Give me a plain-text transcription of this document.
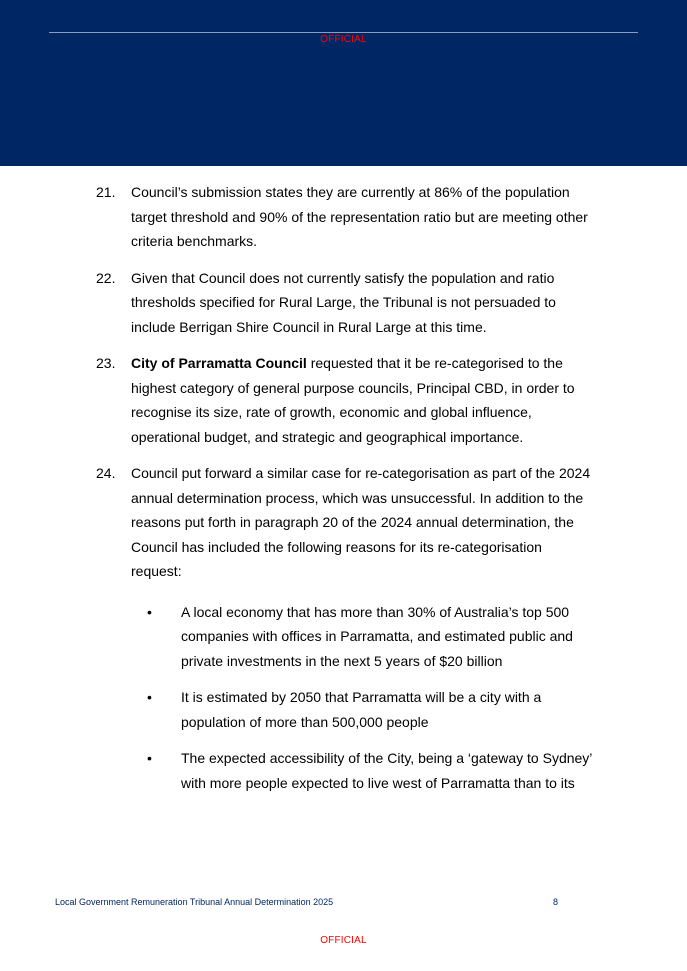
OFFICIAL

21. Council’s submission states they are currently at 86% of the population target threshold and 90% of the representation ratio but are meeting other criteria benchmarks.

22. Given that Council does not currently satisfy the population and ratio thresholds specified for Rural Large, the Tribunal is not persuaded to include Berrigan Shire Council in Rural Large at this time.

23. City of Parramatta Council requested that it be re-categorised to the highest category of general purpose councils, Principal CBD, in order to recognise its size, rate of growth, economic and global influence, operational budget, and strategic and geographical importance.

24. Council put forward a similar case for re-categorisation as part of the 2024 annual determination process, which was unsuccessful. In addition to the reasons put forth in paragraph 20 of the 2024 annual determination, the Council has included the following reasons for its re-categorisation request:
• A local economy that has more than 30% of Australia’s top 500 companies with offices in Parramatta, and estimated public and private investments in the next 5 years of $20 billion
• It is estimated by 2050 that Parramatta will be a city with a population of more than 500,000 people
• The expected accessibility of the City, being a ‘gateway to Sydney’ with more people expected to live west of Parramatta than to its
Local Government Remuneration Tribunal Annual Determination 2025	8
OFFICIAL
